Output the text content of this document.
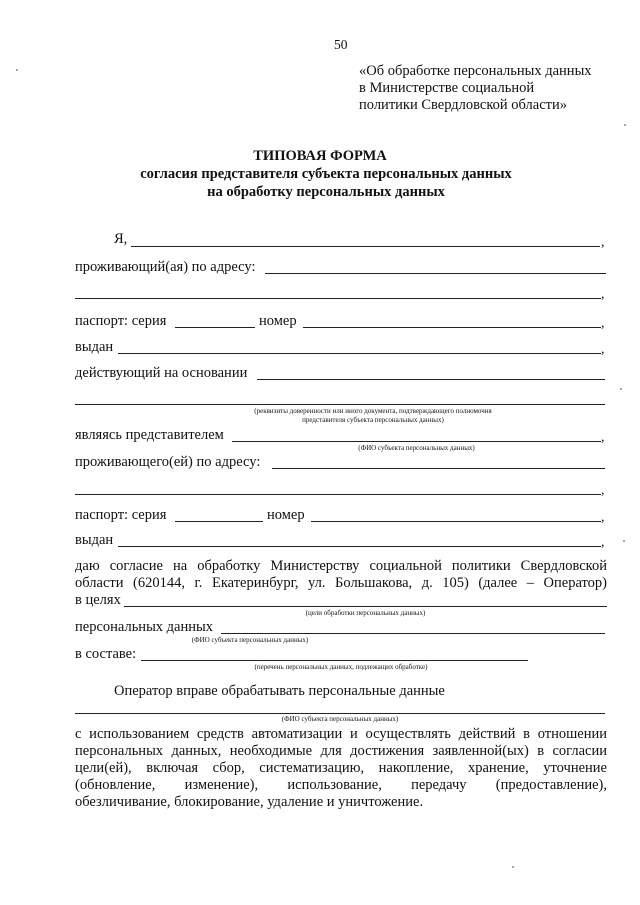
50
«Об обработке персональных данных
в Министерстве социальной
политики Свердловской области»
ТИПОВАЯ ФОРМА
согласия представителя субъекта персональных данных
на обработку персональных данных
Я,	,
проживающий(ая) по адресу:
,
паспорт: серия	номер	,
выдан	,
действующий на основании
(реквизиты доверенности или иного документа, подтверждающего полномочия
представителя субъекта персональных данных)
являясь представителем	,
(ФИО субъекта персональных данных)
проживающего(ей) по адресу:
,
паспорт: серия	номер	,
выдан	,
даю согласие на обработку Министерству социальной политики Свердловской
области (620144, г. Екатеринбург, ул. Большакова, д. 105) (далее – Оператор)
в целях
(цели обработки персональных данных)
персональных данных
(ФИО субъекта персональных данных)
в составе:
(перечень персональных данных, подлежащих обработке)
Оператор вправе обрабатывать персональные данные
(ФИО субъекта персональных данных)
с использованием средств автоматизации и осуществлять действий в отношении
персональных данных, необходимые для достижения заявленной(ых) в согласии
цели(ей), включая сбор, систематизацию, накопление, хранение, уточнение
(обновление, изменение), использование, передачу (предоставление),
обезличивание, блокирование, удаление и уничтожение.
